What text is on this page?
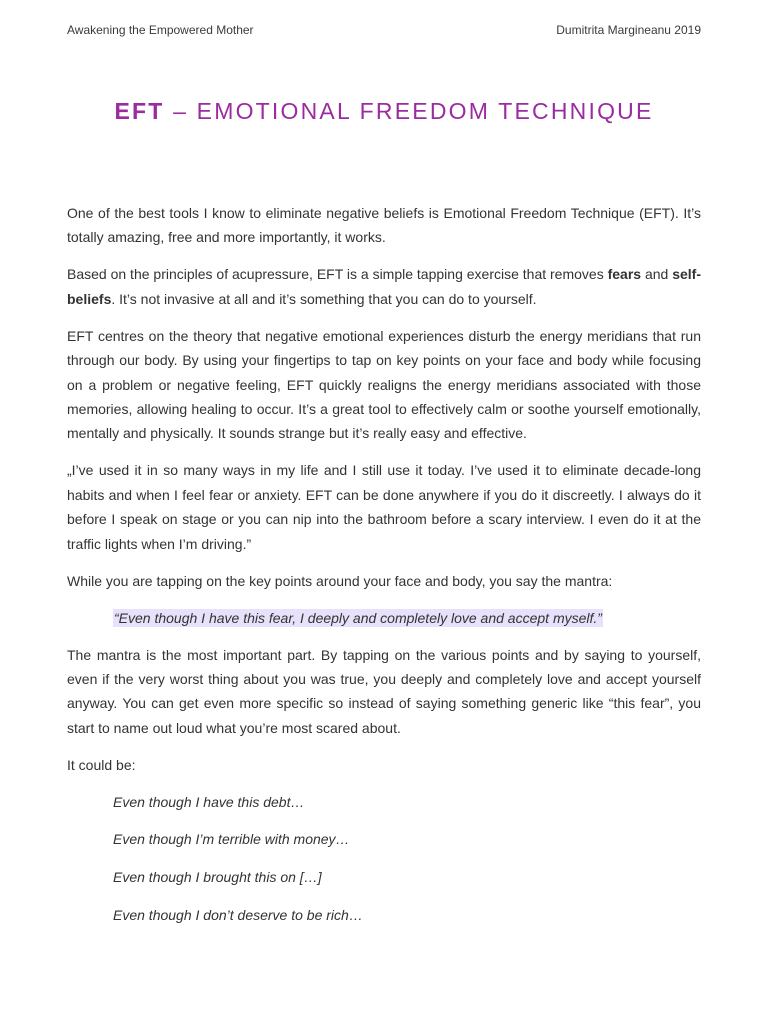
Awakening the Empowered Mother	Dumitrita Margineanu 2019
EFT – EMOTIONAL FREEDOM TECHNIQUE

One of the best tools I know to eliminate negative beliefs is Emotional Freedom Technique (EFT). It’s totally amazing, free and more importantly, it works.

Based on the principles of acupressure, EFT is a simple tapping exercise that removes fears and self-beliefs. It’s not invasive at all and it’s something that you can do to yourself.

EFT centres on the theory that negative emotional experiences disturb the energy meridians that run through our body. By using your fingertips to tap on key points on your face and body while focusing on a problem or negative feeling, EFT quickly realigns the energy meridians associated with those memories, allowing healing to occur. It’s a great tool to effectively calm or soothe yourself emotionally, mentally and physically. It sounds strange but it’s really easy and effective.

„I’ve used it in so many ways in my life and I still use it today. I’ve used it to eliminate decade-long habits and when I feel fear or anxiety. EFT can be done anywhere if you do it discreetly. I always do it before I speak on stage or you can nip into the bathroom before a scary interview. I even do it at the traffic lights when I’m driving.”

While you are tapping on the key points around your face and body, you say the mantra:

“Even though I have this fear, I deeply and completely love and accept myself.”

The mantra is the most important part. By tapping on the various points and by saying to yourself, even if the very worst thing about you was true, you deeply and completely love and accept yourself anyway. You can get even more specific so instead of saying something generic like “this fear”, you start to name out loud what you’re most scared about.

It could be:

Even though I have this debt…

Even though I’m terrible with money…

Even though I brought this on […]

Even though I don’t deserve to be rich…
